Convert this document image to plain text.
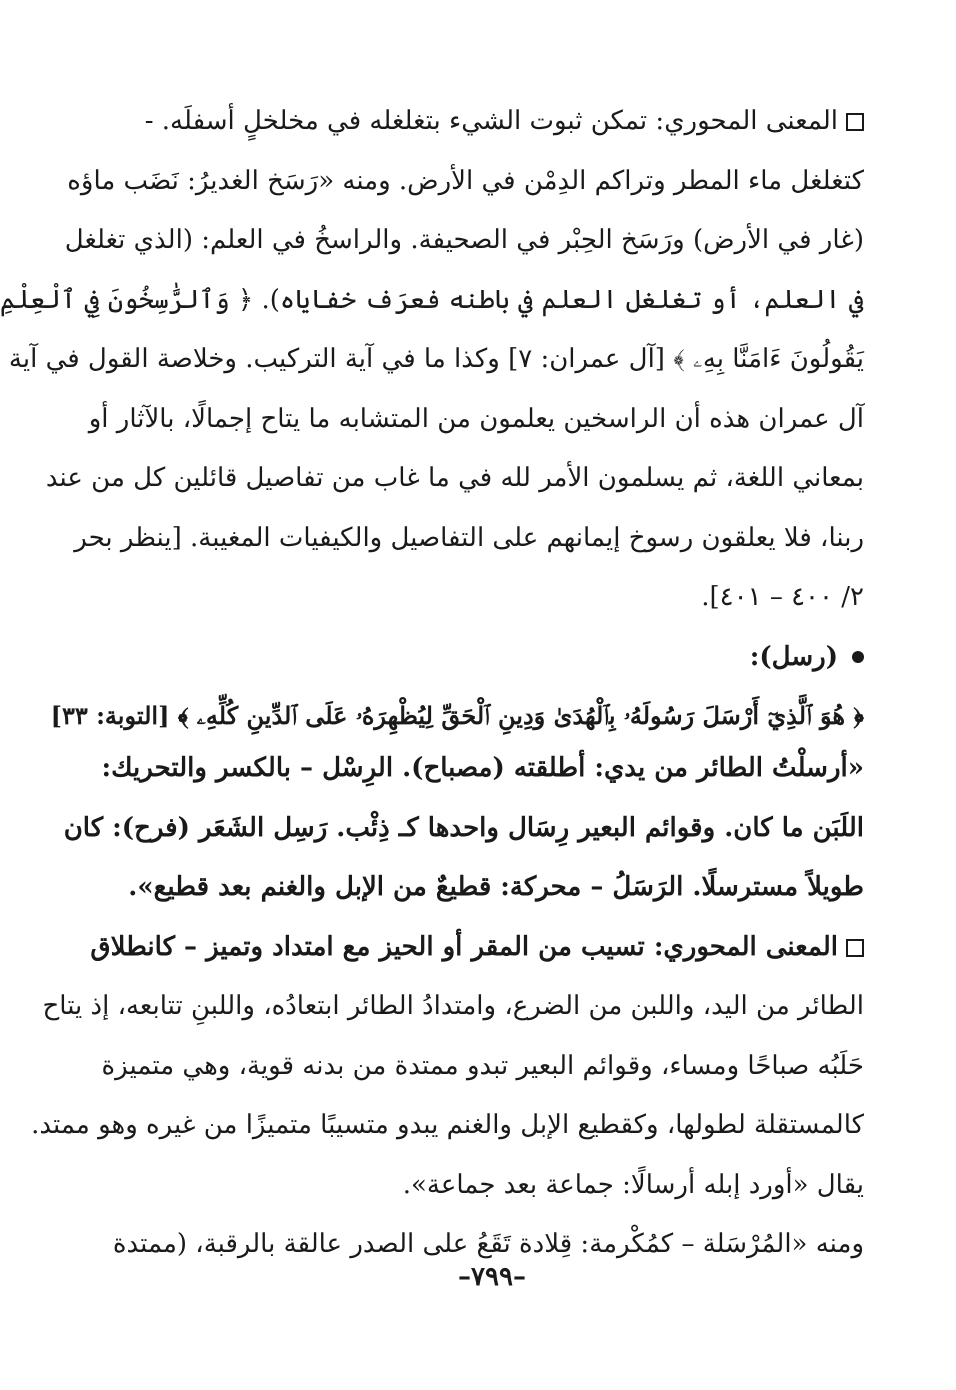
المعنى المحوري: تمكن ثبوت الشيء بتغلغله في مخلخلٍ أسفلَه. -
كتغلغل ماء المطر وتراكم الدِمْن في الأرض. ومنه «رَسَخ الغديرُ: نَضَب ماؤه
(غار في الأرض) ورَسَخ الحِبْر في الصحيفة. والراسخُ في العلم: (الذي تغلغل
في العلم، أو تغلغل العلم في باطنه فعرَف خفاياه). ﴿ وَٱلرَّٰسِخُونَ فِي ٱلْعِلْمِ
يَقُولُونَ ءَامَنَّا بِهِۦ ﴾ [آل عمران: ٧] وكذا ما في آية التركيب. وخلاصة القول في آية
آل عمران هذه أن الراسخين يعلمون من المتشابه ما يتاح إجمالًا، بالآثار أو
بمعاني اللغة، ثم يسلمون الأمر لله في ما غاب من تفاصيل قائلين كل من عند
ربنا، فلا يعلقون رسوخ إيمانهم على التفاصيل والكيفيات المغيبة. [ينظر بحر
٢/ ٤٠٠ – ٤٠١].
(رسل):
﴿ هُوَ ٱلَّذِيٓ أَرْسَلَ رَسُولَهُۥ بِٱلْهُدَىٰ وَدِينِ ٱلْحَقِّ لِيُظْهِرَهُۥ عَلَى ٱلدِّينِ كُلِّهِۦ ﴾ [التوبة: ٣٣]
«أرسلْتُ الطائر من يدي: أطلقته (مصباح). الرِسْل – بالكسر والتحريك:
اللَبَن ما كان. وقوائم البعير رِسَال واحدها كـ ذِئْب. رَسِل الشَعَر (فرح): كان
طويلاً مسترسلًا. الرَسَلُ – محركة: قطيعٌ من الإبل والغنم بعد قطيع».
المعنى المحوري: تسيب من المقر أو الحيز مع امتداد وتميز – كانطلاق
الطائر من اليد، واللبن من الضرع، وامتدادُ الطائر ابتعادُه، واللبنِ تتابعه، إذ يتاح
حَلَبُه صباحًا ومساء، وقوائم البعير تبدو ممتدة من بدنه قوية، وهي متميزة
كالمستقلة لطولها، وكقطيع الإبل والغنم يبدو متسيبًا متميزًا من غيره وهو ممتد.
يقال «أورد إبله أرسالًا: جماعة بعد جماعة».
ومنه «المُرْسَلة – كمُكْرمة: قِلادة تَقَعُ على الصدر عالقة بالرقبة، (ممتدة
–٧٩٩–
